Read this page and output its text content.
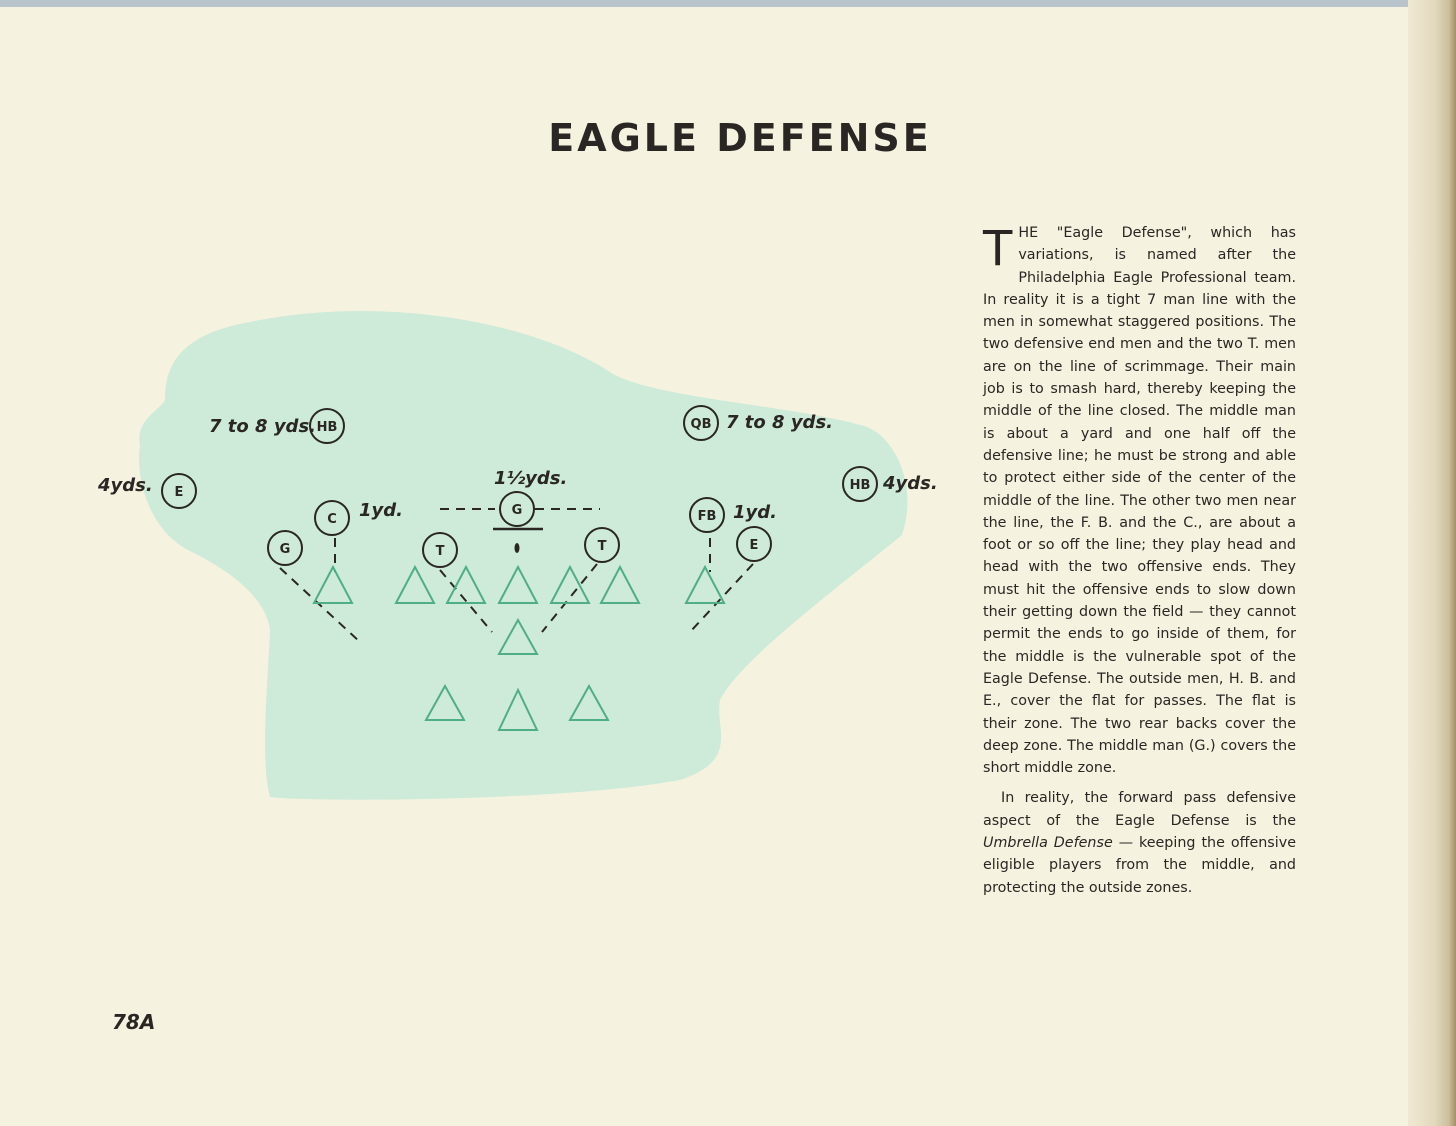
EAGLE DEFENSE
HB	QB
E	HB
G
C	FB
G	T	T	E
7 to 8 yds.	7 to 8 yds.
4yds.	4yds.
1½yds.
1yd.	1yd.

THE "Eagle Defense", which has variations, is named after the Philadelphia Eagle Professional team. In reality it is a tight 7 man line with the men in somewhat staggered positions. The two defensive end men and the two T. men are on the line of scrimmage. Their main job is to smash hard, thereby keeping the middle of the line closed. The middle man is about a yard and one half off the defensive line; he must be strong and able to protect either side of the center of the middle of the line. The other two men near the line, the F. B. and the C., are about a foot or so off the line; they play head and head with the two offensive ends. They must hit the offensive ends to slow down their getting down the field — they cannot permit the ends to go inside of them, for the middle is the vulnerable spot of the Eagle Defense. The outside men, H. B. and E., cover the flat for passes. The flat is their zone. The two rear backs cover the deep zone. The middle man (G.) covers the short middle zone.

In reality, the forward pass defensive aspect of the Eagle Defense is the Umbrella Defense — keeping the offensive eligible players from the middle, and protecting the outside zones.

78A
